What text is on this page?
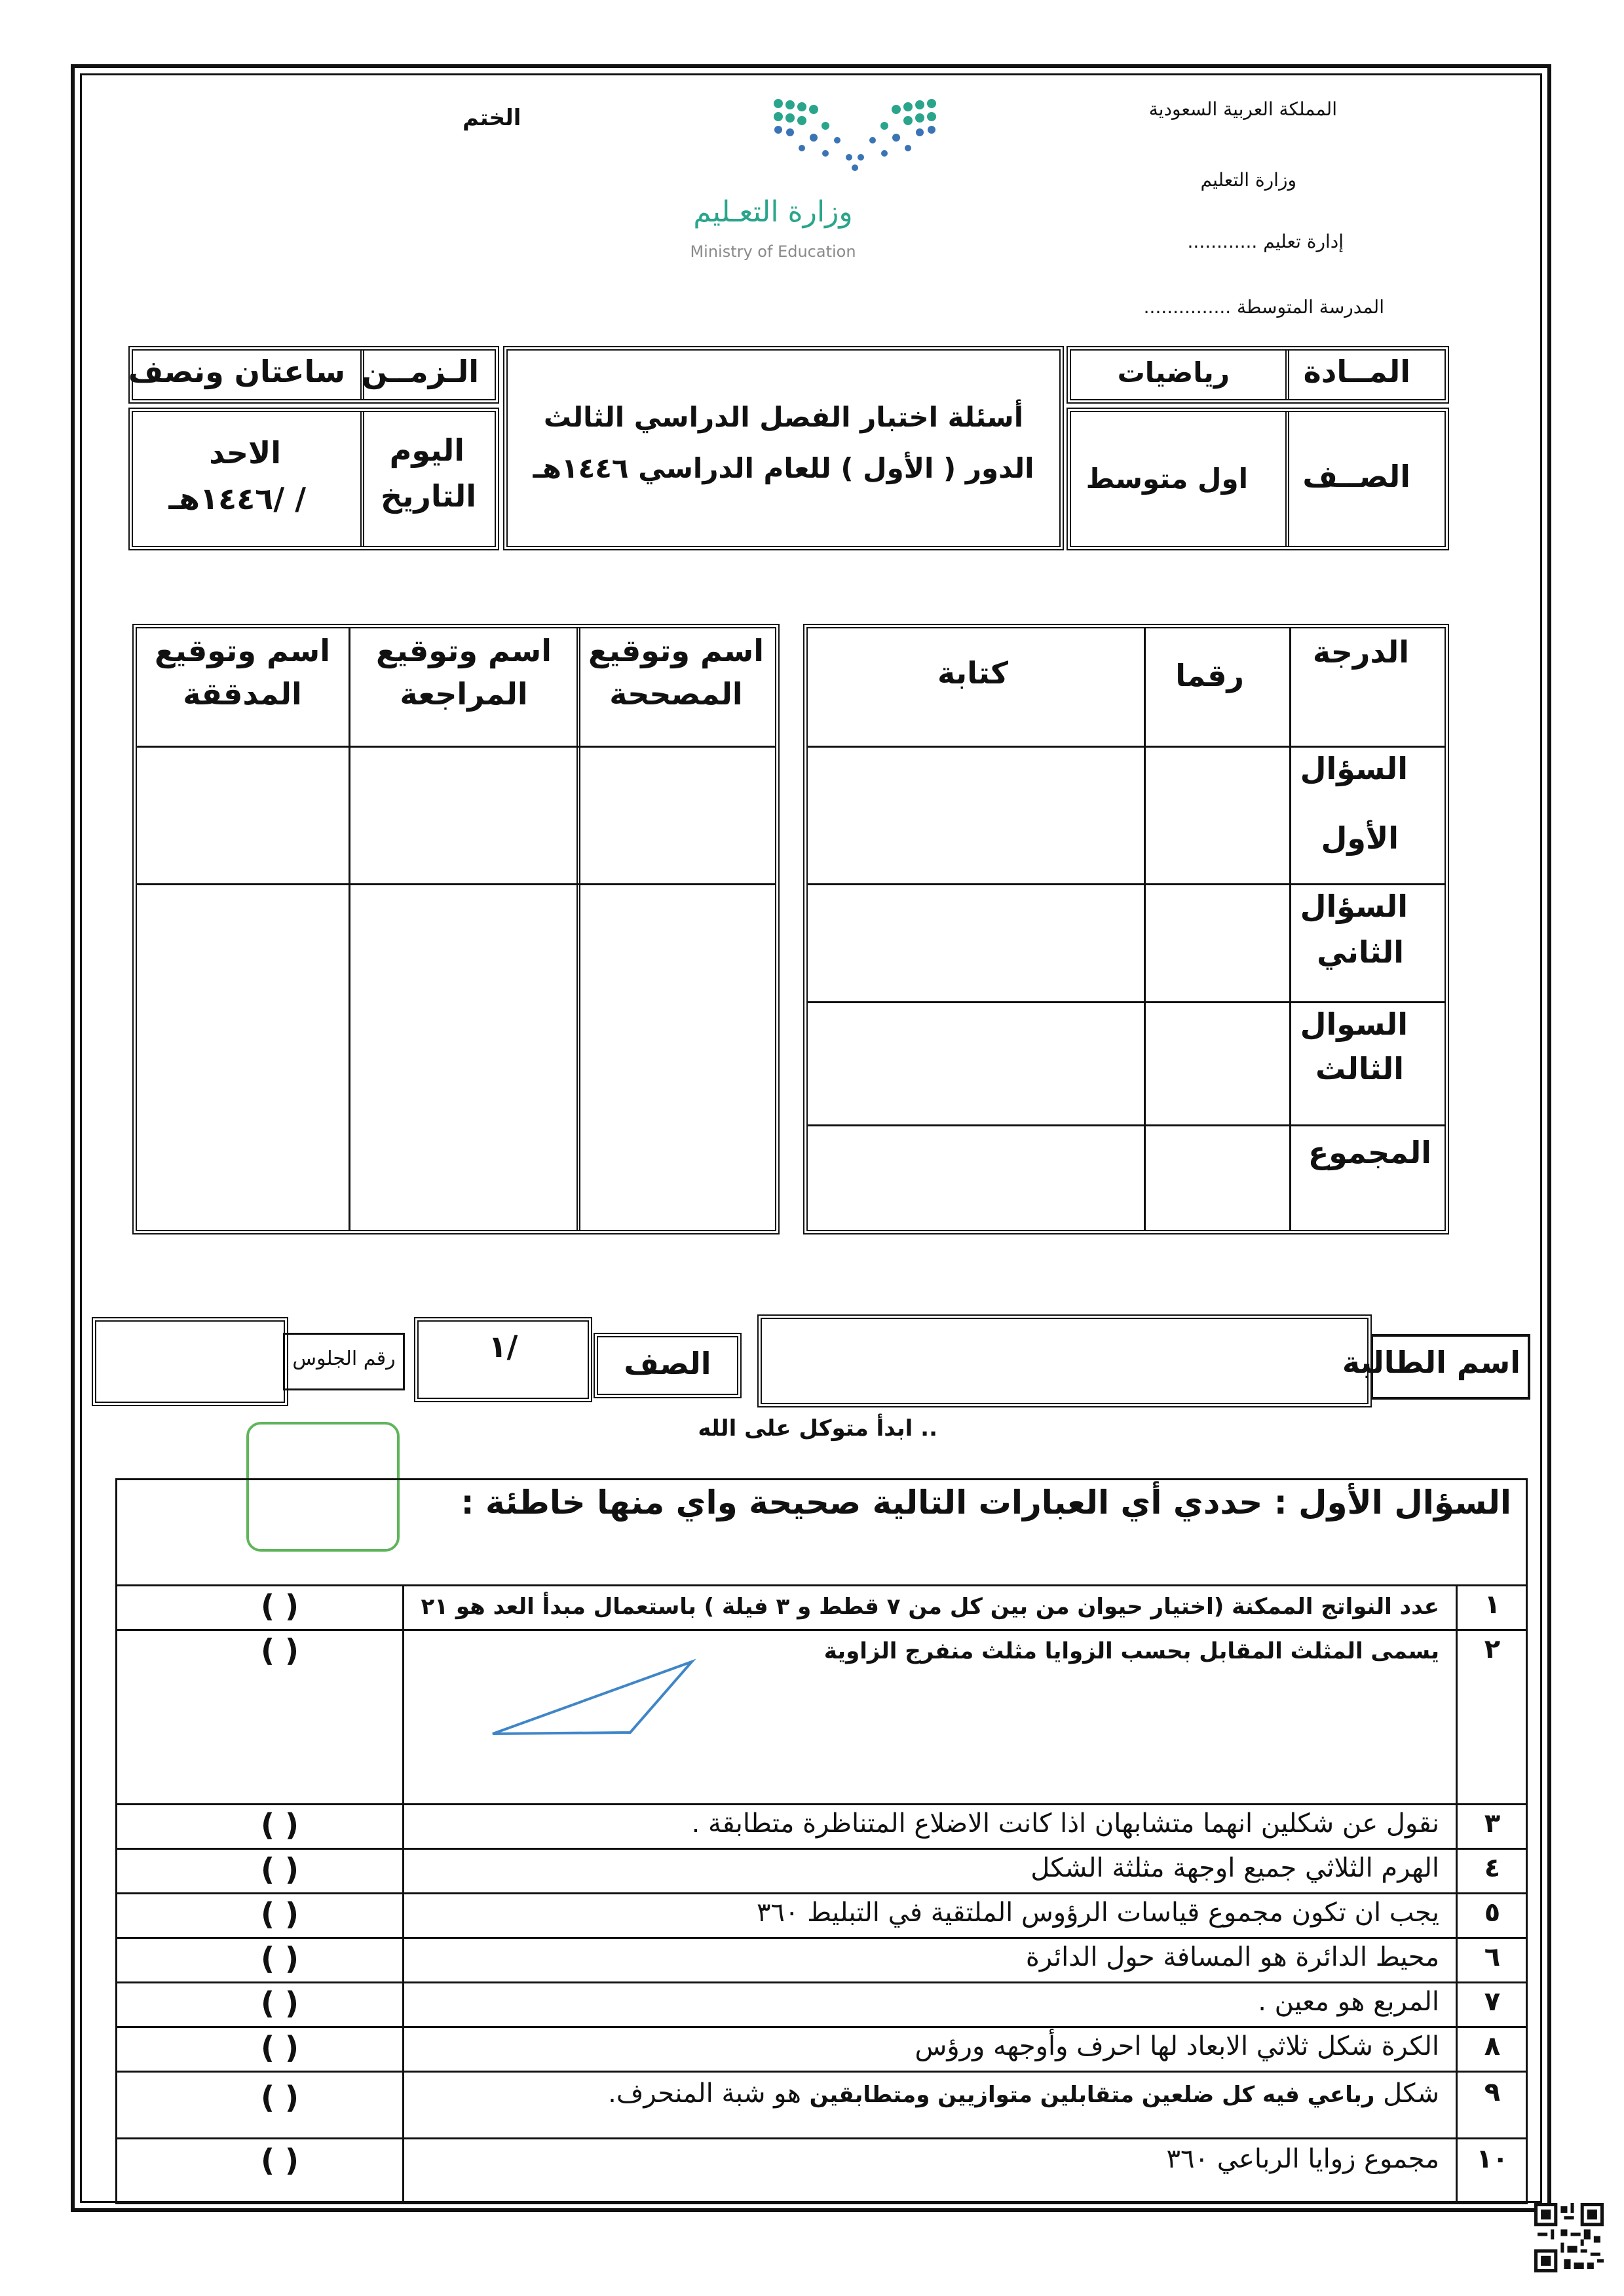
المملكة العربية السعودية
وزارة التعليم
إدارة تعليم ............
المدرسة المتوسطة ...............
الختم
وزارة التعـليم
Ministry of Education
المــادة
رياضيات
الصــف
اول متوسط
أسئلة اختبار الفصل الدراسي الثالث
الدور ( الأول ) للعام الدراسي ١٤٤٦هـ
الـزمــن
ساعتان ونصف
اليوم
التاريخ
الاحد
/ /١٤٤٦هـ
الدرجة
رقما
كتابة
السؤال
الأول
السؤال
الثاني
السوال
الثالث
المجموع
اسم وتوقيع
المصححة
اسم وتوقيع
المراجعة
اسم وتوقيع
المدققة
اسم الطالبة
الصف
/١
رقم الجلوس
.. ابدأ متوكل على الله
السؤال الأول : حددي أي العبارات التالية صحيحة واي منها خاطئة :
١
عدد النواتج الممكنة (اختيار حيوان من بين كل من ٧ قطط و ٣ فيلة ) باستعمال مبدأ العد هو ٢١
( )
٢
يسمى المثلث المقابل بحسب الزوايا مثلث منفرج الزاوية
( )
٣
نقول عن شكلين انهما متشابهان اذا كانت الاضلاع المتناظرة متطابقة .
( )
٤
الهرم الثلاثي جميع اوجهة مثلثة الشكل
( )
٥
يجب ان تكون مجموع قياسات الرؤوس الملتقية في التبليط ٣٦٠
( )
٦
محيط الدائرة هو المسافة حول الدائرة
( )
٧
المربع هو معين .
( )
٨
الكرة شكل ثلاثي الابعاد لها احرف وأوجهه ورؤس
( )
٩
شكل رباعي فيه كل ضلعين متقابلين متوازيين ومتطابقين هو شبة المنحرف.
( )
١٠
مجموع زوايا الرباعي ٣٦٠
( )
